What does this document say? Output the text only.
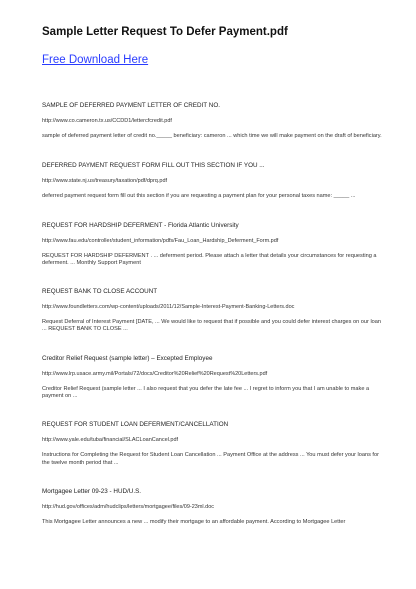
Sample Letter Request To Defer Payment.pdf
Free Download Here
SAMPLE OF DEFERRED PAYMENT LETTER OF CREDIT NO.
http://www.co.cameron.tx.us/CCDD1/lettercfcredit.pdf
sample of deferred payment letter of credit no._____ beneficiary: cameron ... which time we will make payment on the draft of beneficiary.
DEFERRED PAYMENT REQUEST FORM FILL OUT THIS SECTION IF YOU ...
http://www.state.nj.us/treasury/taxation/pdf/dprq.pdf
deferred payment request form fill out this section if you are requesting a payment plan for your personal taxes name: _____ ...
REQUEST FOR HARDSHIP DEFERMENT - Florida Atlantic University
http://www.fau.edu/controller/student_information/pdfs/Fau_Loan_Hardship_Deferment_Form.pdf
REQUEST FOR HARDSHIP DEFERMENT . ... deferment period. Please attach a letter that details your circumstances for requesting a deferment. ... Monthly Support Payment
REQUEST BANK TO CLOSE ACCOUNT
http://www.foundletters.com/wp-content/uploads/2011/12/Sample-Interest-Payment-Banking-Letters.doc
Request Deferral of Interest Payment [DATE, ... We would like to request that if possible and you could defer interest charges on our loan ... REQUEST BANK TO CLOSE ...
Creditor Relief Request (sample letter) – Excepted Employee
http://www.lrp.usace.army.mil/Portals/72/docs/Creditor%20Relief%20Request%20Letters.pdf
Creditor Relief Request (sample letter ... I also request that you defer the late fee ... I regret to inform you that I am unable to make a payment on ...
REQUEST FOR STUDENT LOAN DEFERMENT/CANCELLATION
http://www.yale.edu/tuba/financial/SLACLoanCancel.pdf
Instructions for Completing the Request for Student Loan Cancellation ... Payment Office at the address ... You must defer your loans for the twelve month period that ...
Mortgagee Letter 09-23 - HUD/U.S.
http://hud.gov/offices/adm/hudclips/letters/mortgagee/files/09-23ml.doc
This Mortgagee Letter announces a new ... modify their mortgage to an affordable payment. According to Mortgagee Letter
